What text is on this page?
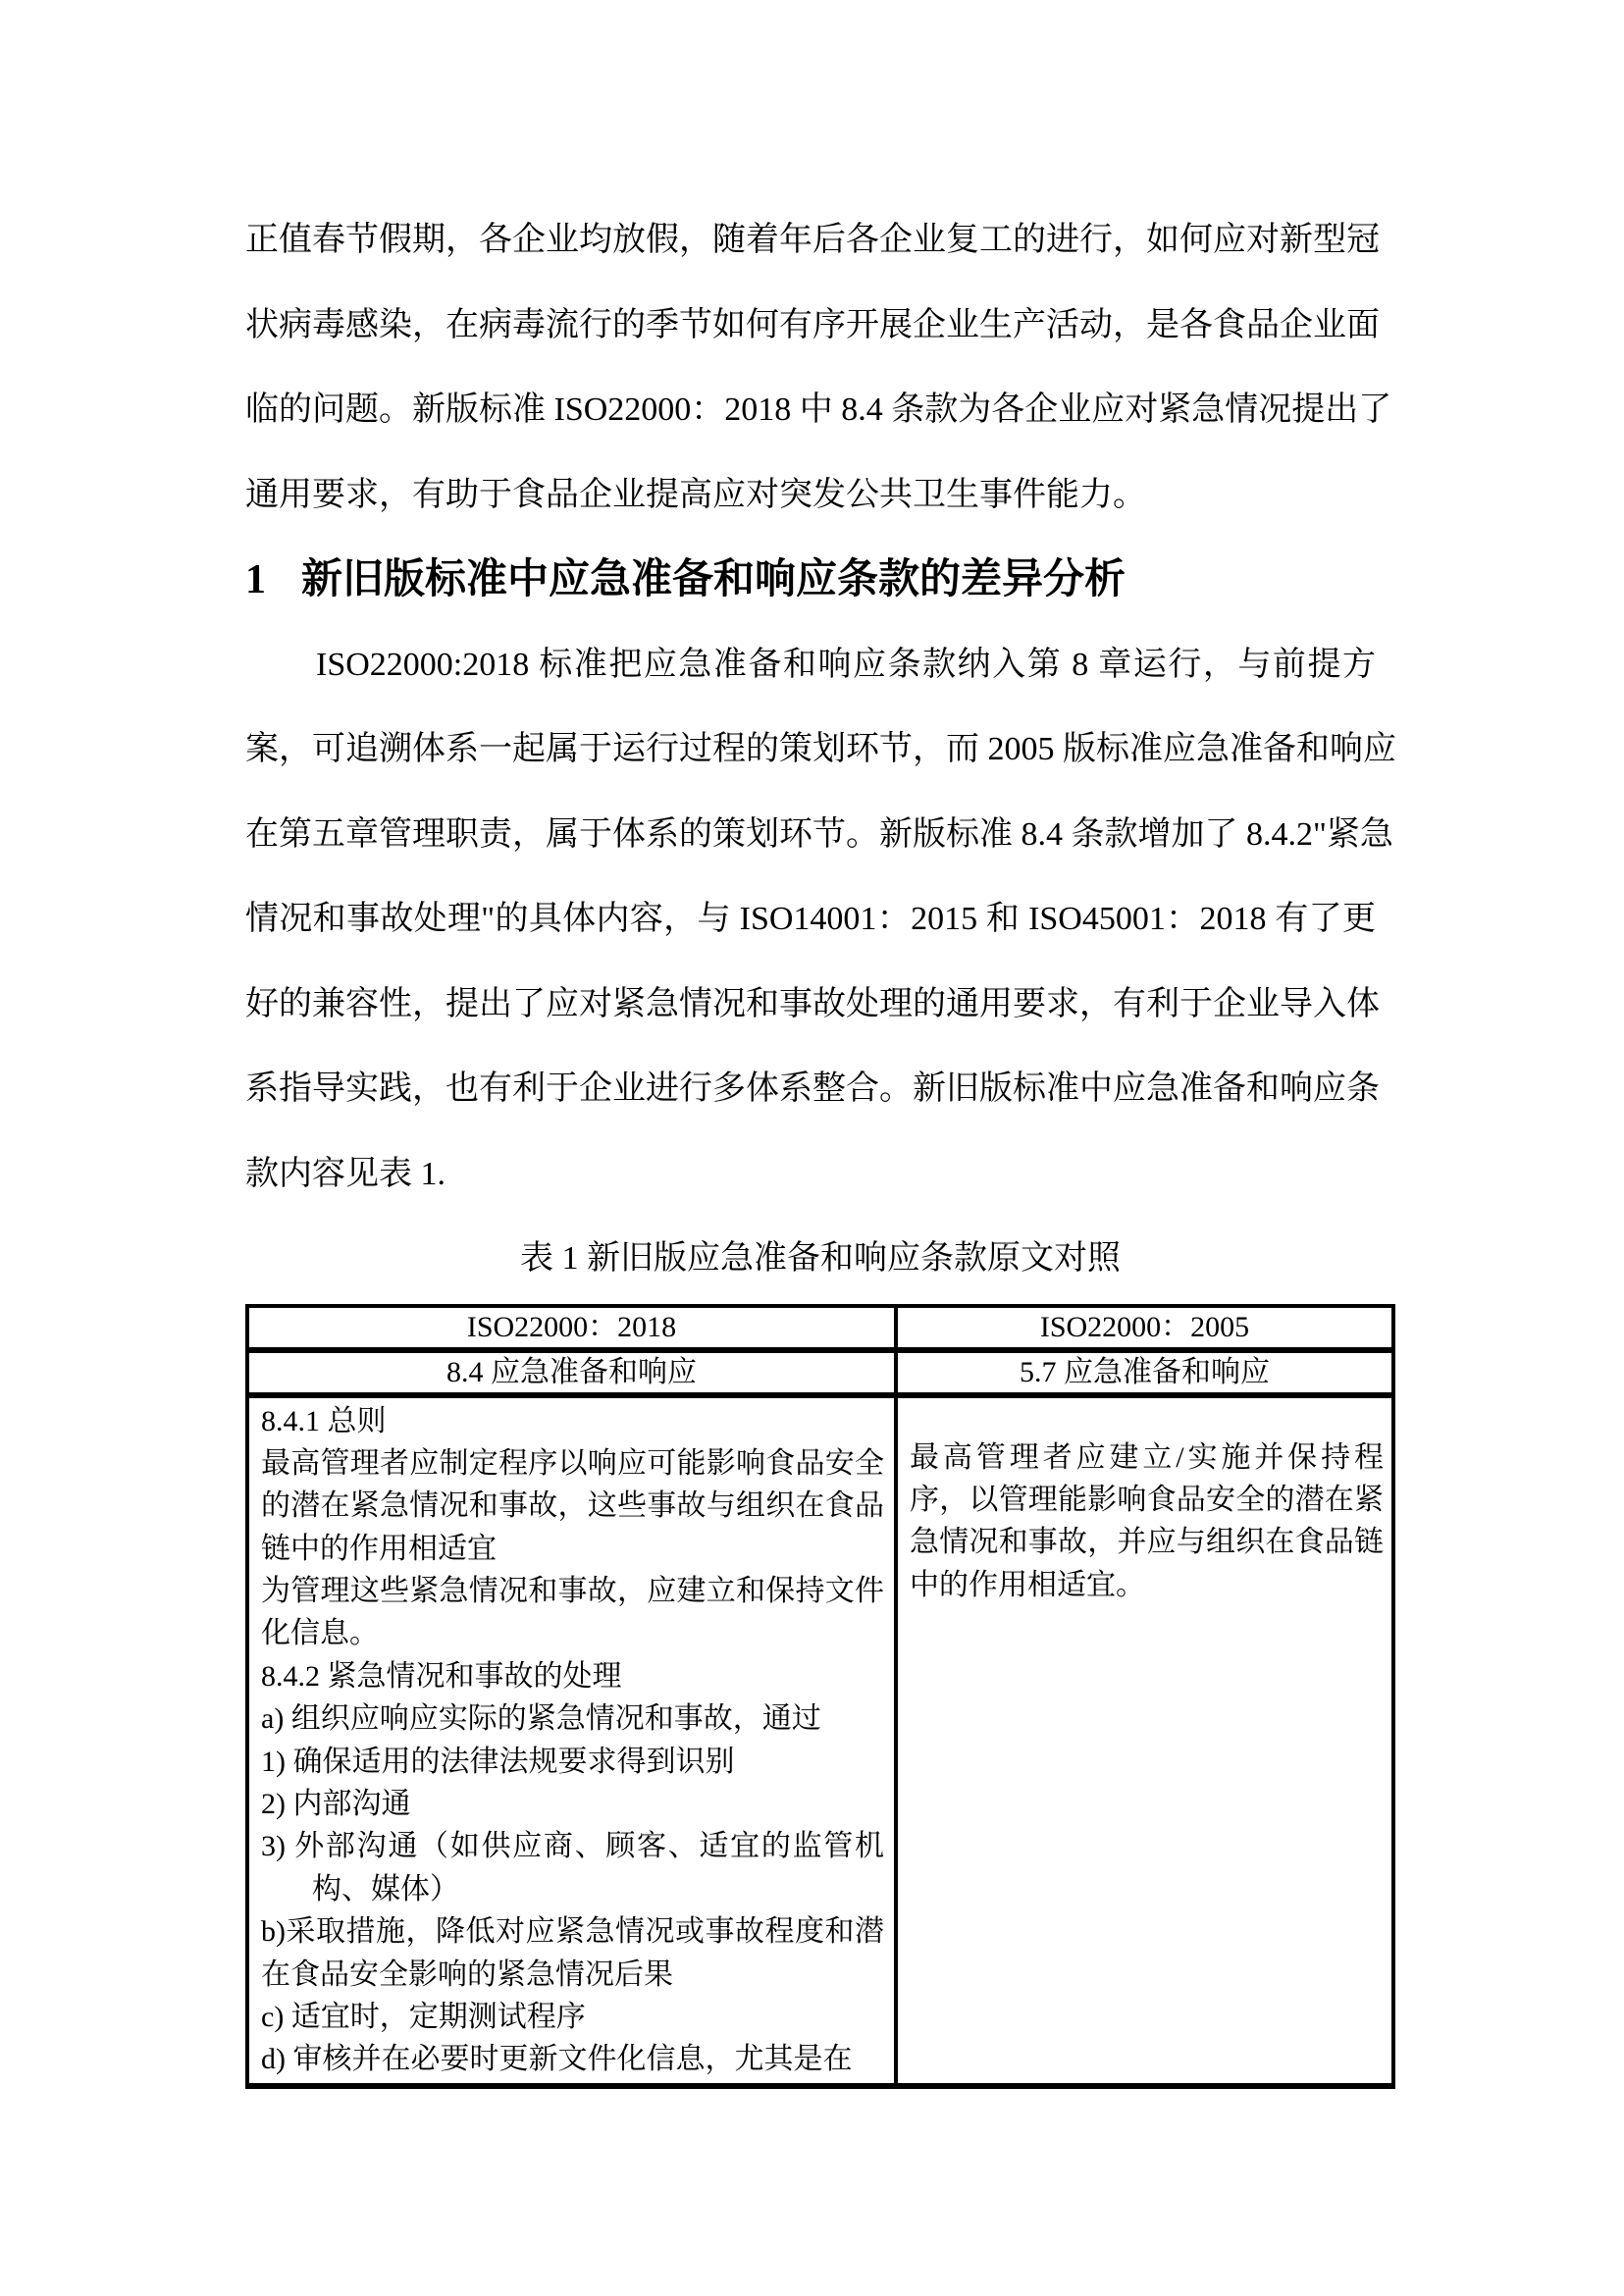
正值春节假期，各企业均放假，随着年后各企业复工的进行，如何应对新型冠
状病毒感染，在病毒流行的季节如何有序开展企业生产活动，是各食品企业面
临的问题。新版标准 ISO22000：2018 中 8.4 条款为各企业应对紧急情况提出了
通用要求，有助于食品企业提高应对突发公共卫生事件能力。
1 新旧版标准中应急准备和响应条款的差异分析
ISO22000:2018 标准把应急准备和响应条款纳入第 8 章运行，与前提方
案，可追溯体系一起属于运行过程的策划环节，而 2005 版标准应急准备和响应
在第五章管理职责，属于体系的策划环节。新版标准 8.4 条款增加了 8.4.2"紧急
情况和事故处理"的具体内容，与 ISO14001：2015 和 ISO45001：2018 有了更
好的兼容性，提出了应对紧急情况和事故处理的通用要求，有利于企业导入体
系指导实践，也有利于企业进行多体系整合。新旧版标准中应急准备和响应条
款内容见表 1.
表 1 新旧版应急准备和响应条款原文对照
ISO22000：2018	ISO22000：2005
8.4 应急准备和响应	5.7 应急准备和响应
8.4.1 总则
最高管理者应制定程序以响应可能影响食品安全
的潜在紧急情况和事故，这些事故与组织在食品
链中的作用相适宜
为管理这些紧急情况和事故，应建立和保持文件
化信息。
8.4.2 紧急情况和事故的处理
a) 组织应响应实际的紧急情况和事故，通过
1) 确保适用的法律法规要求得到识别
2) 内部沟通
3) 外部沟通（如供应商、顾客、适宜的监管机
构、媒体）
b)采取措施，降低对应紧急情况或事故程度和潜
在食品安全影响的紧急情况后果
c) 适宜时，定期测试程序
d) 审核并在必要时更新文件化信息，尤其是在
最高管理者应建立/实施并保持程
序，以管理能影响食品安全的潜在紧
急情况和事故，并应与组织在食品链
中的作用相适宜。
